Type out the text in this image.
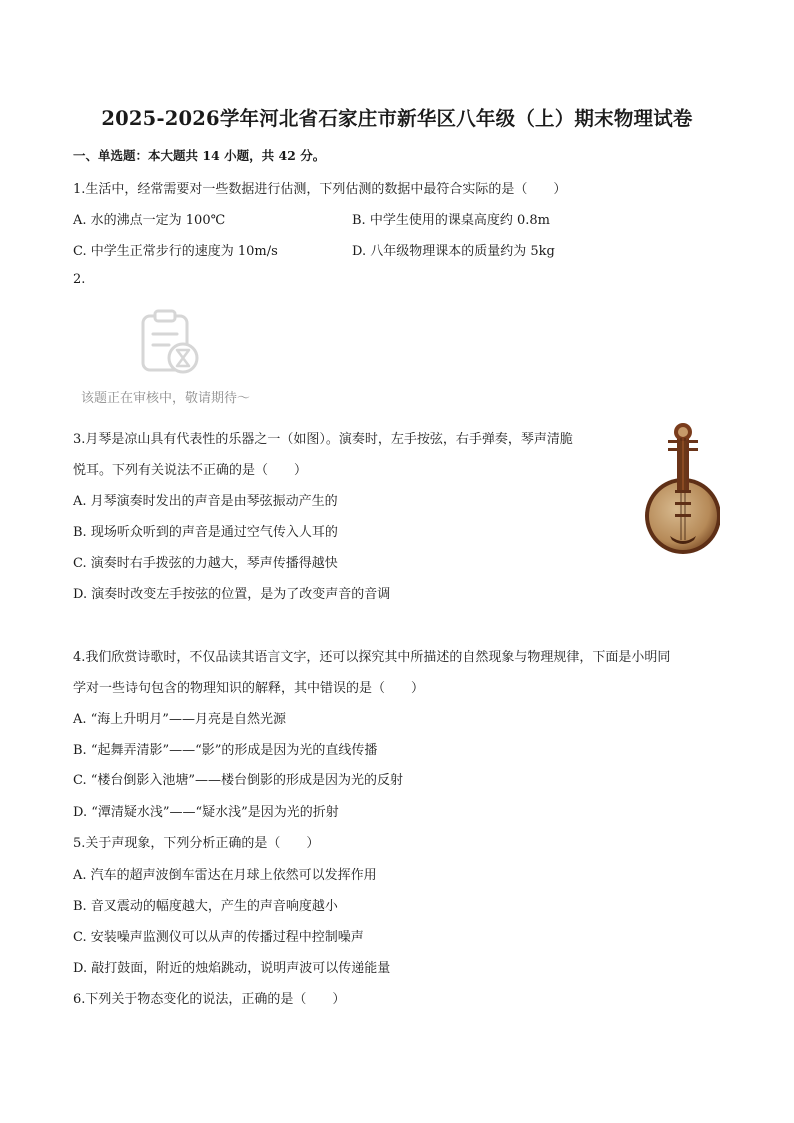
2025-2026学年河北省石家庄市新华区八年级（上）期末物理试卷
一、单选题：本大题共 14 小题，共 42 分。
1.生活中，经常需要对一些数据进行估测，下列估测的数据中最符合实际的是（　　）
A. 水的沸点一定为 100℃	B. 中学生使用的课桌高度约 0.8m
C. 中学生正常步行的速度为 10m/s	D. 八年级物理课本的质量约为 5kg
2.
该题正在审核中，敬请期待～
3.月琴是凉山具有代表性的乐器之一（如图）。演奏时，左手按弦，右手弹奏，琴声清脆
悦耳。下列有关说法不正确的是（　　）
A. 月琴演奏时发出的声音是由琴弦振动产生的
B. 现场听众听到的声音是通过空气传入人耳的
C. 演奏时右手拨弦的力越大，琴声传播得越快
D. 演奏时改变左手按弦的位置，是为了改变声音的音调
4.我们欣赏诗歌时，不仅品读其语言文字，还可以探究其中所描述的自然现象与物理规律，下面是小明同
学对一些诗句包含的物理知识的解释，其中错误的是（　　）
A. “海上升明月”——月亮是自然光源
B. “起舞弄清影”——“影”的形成是因为光的直线传播
C. “楼台倒影入池塘”——楼台倒影的形成是因为光的反射
D. “潭清疑水浅”——“疑水浅”是因为光的折射
5.关于声现象，下列分析正确的是（　　）
A. 汽车的超声波倒车雷达在月球上依然可以发挥作用
B. 音叉震动的幅度越大，产生的声音响度越小
C. 安装噪声监测仪可以从声的传播过程中控制噪声
D. 敲打鼓面，附近的烛焰跳动，说明声波可以传递能量
6.下列关于物态变化的说法，正确的是（　　）
